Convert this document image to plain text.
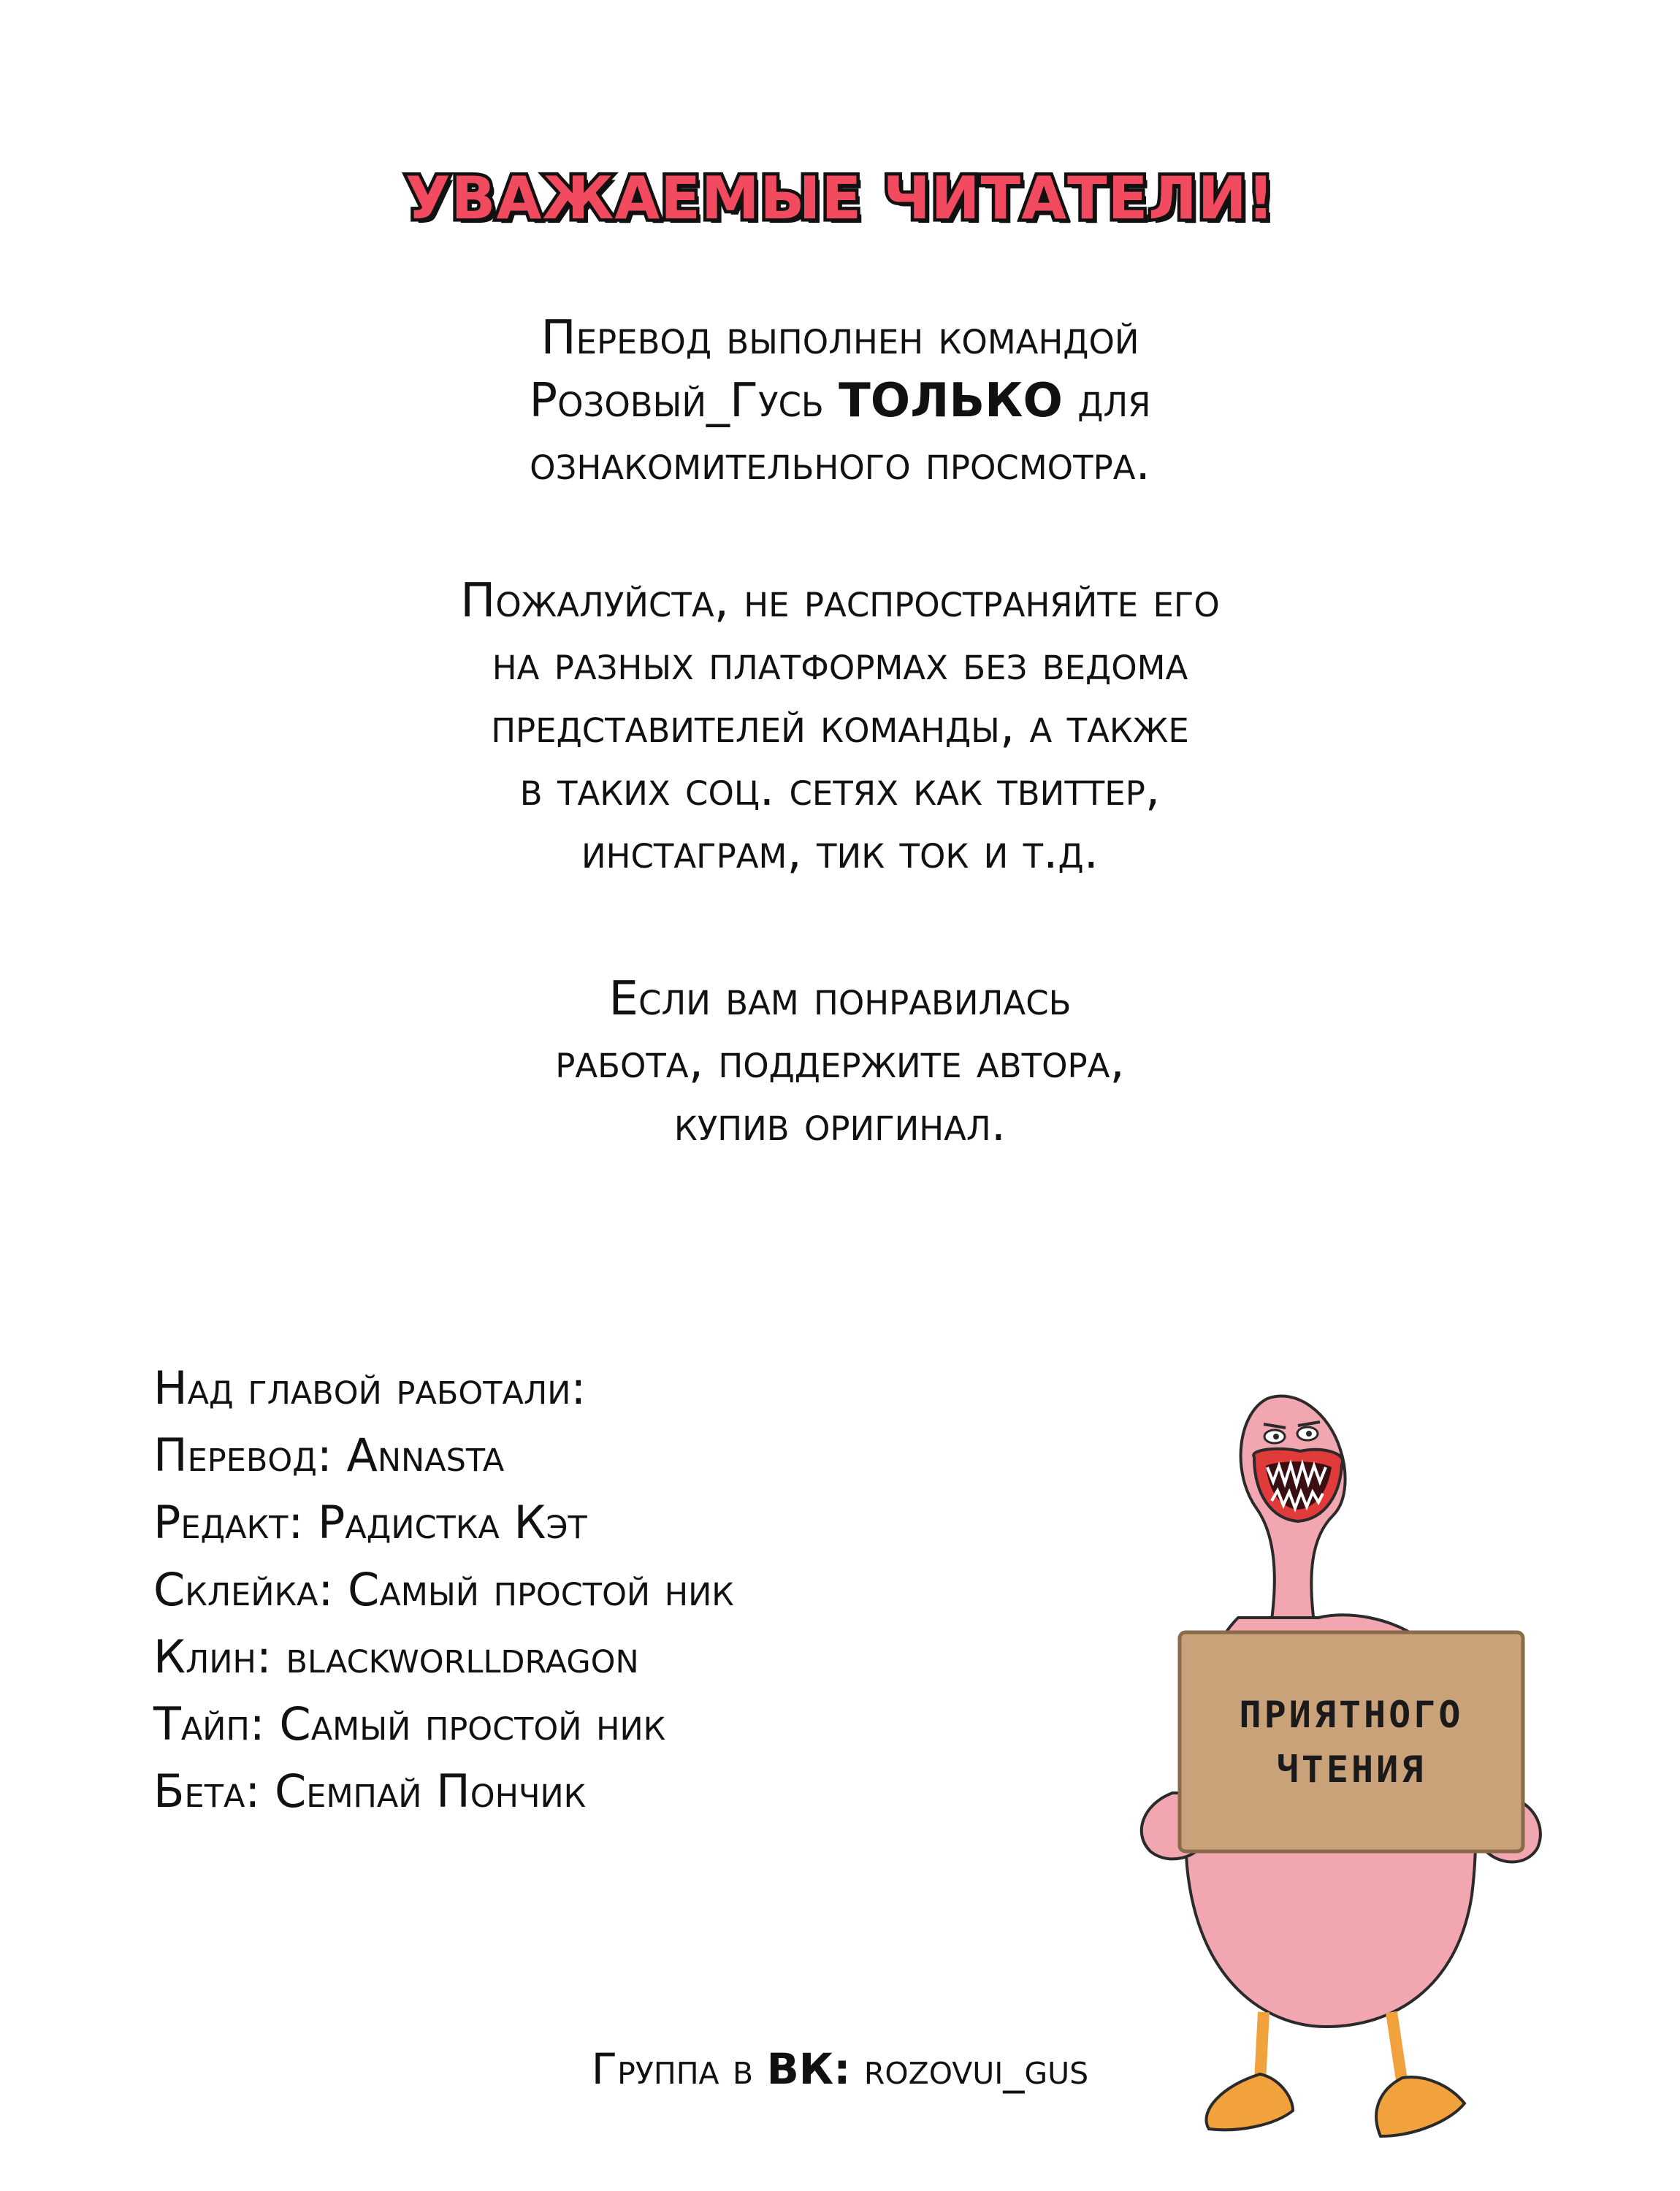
УВАЖАЕМЫЕ ЧИТАТЕЛИ!
Перевод выполнен командой
Розовый_Гусь ТОЛЬКО для
ознакомительного просмотра.
Пожалуйста, не распространяйте его
на разных платформах без ведома
представителей команды, а также
в таких соц. сетях как твиттер,
инстаграм, тик ток и т.д.
Если вам понравилась
работа, поддержите автора,
купив оригинал.
Над главой работали:
Перевод: Annasta
Редакт: Радистка Кэт
Склейка: Самый простой ник
Клин: blackworlldragon
Тайп: Самый простой ник
Бета: Семпай Пончик
ПРИЯТНОГО
ЧТЕНИЯ
Группа в ВК: rozovui_gus
